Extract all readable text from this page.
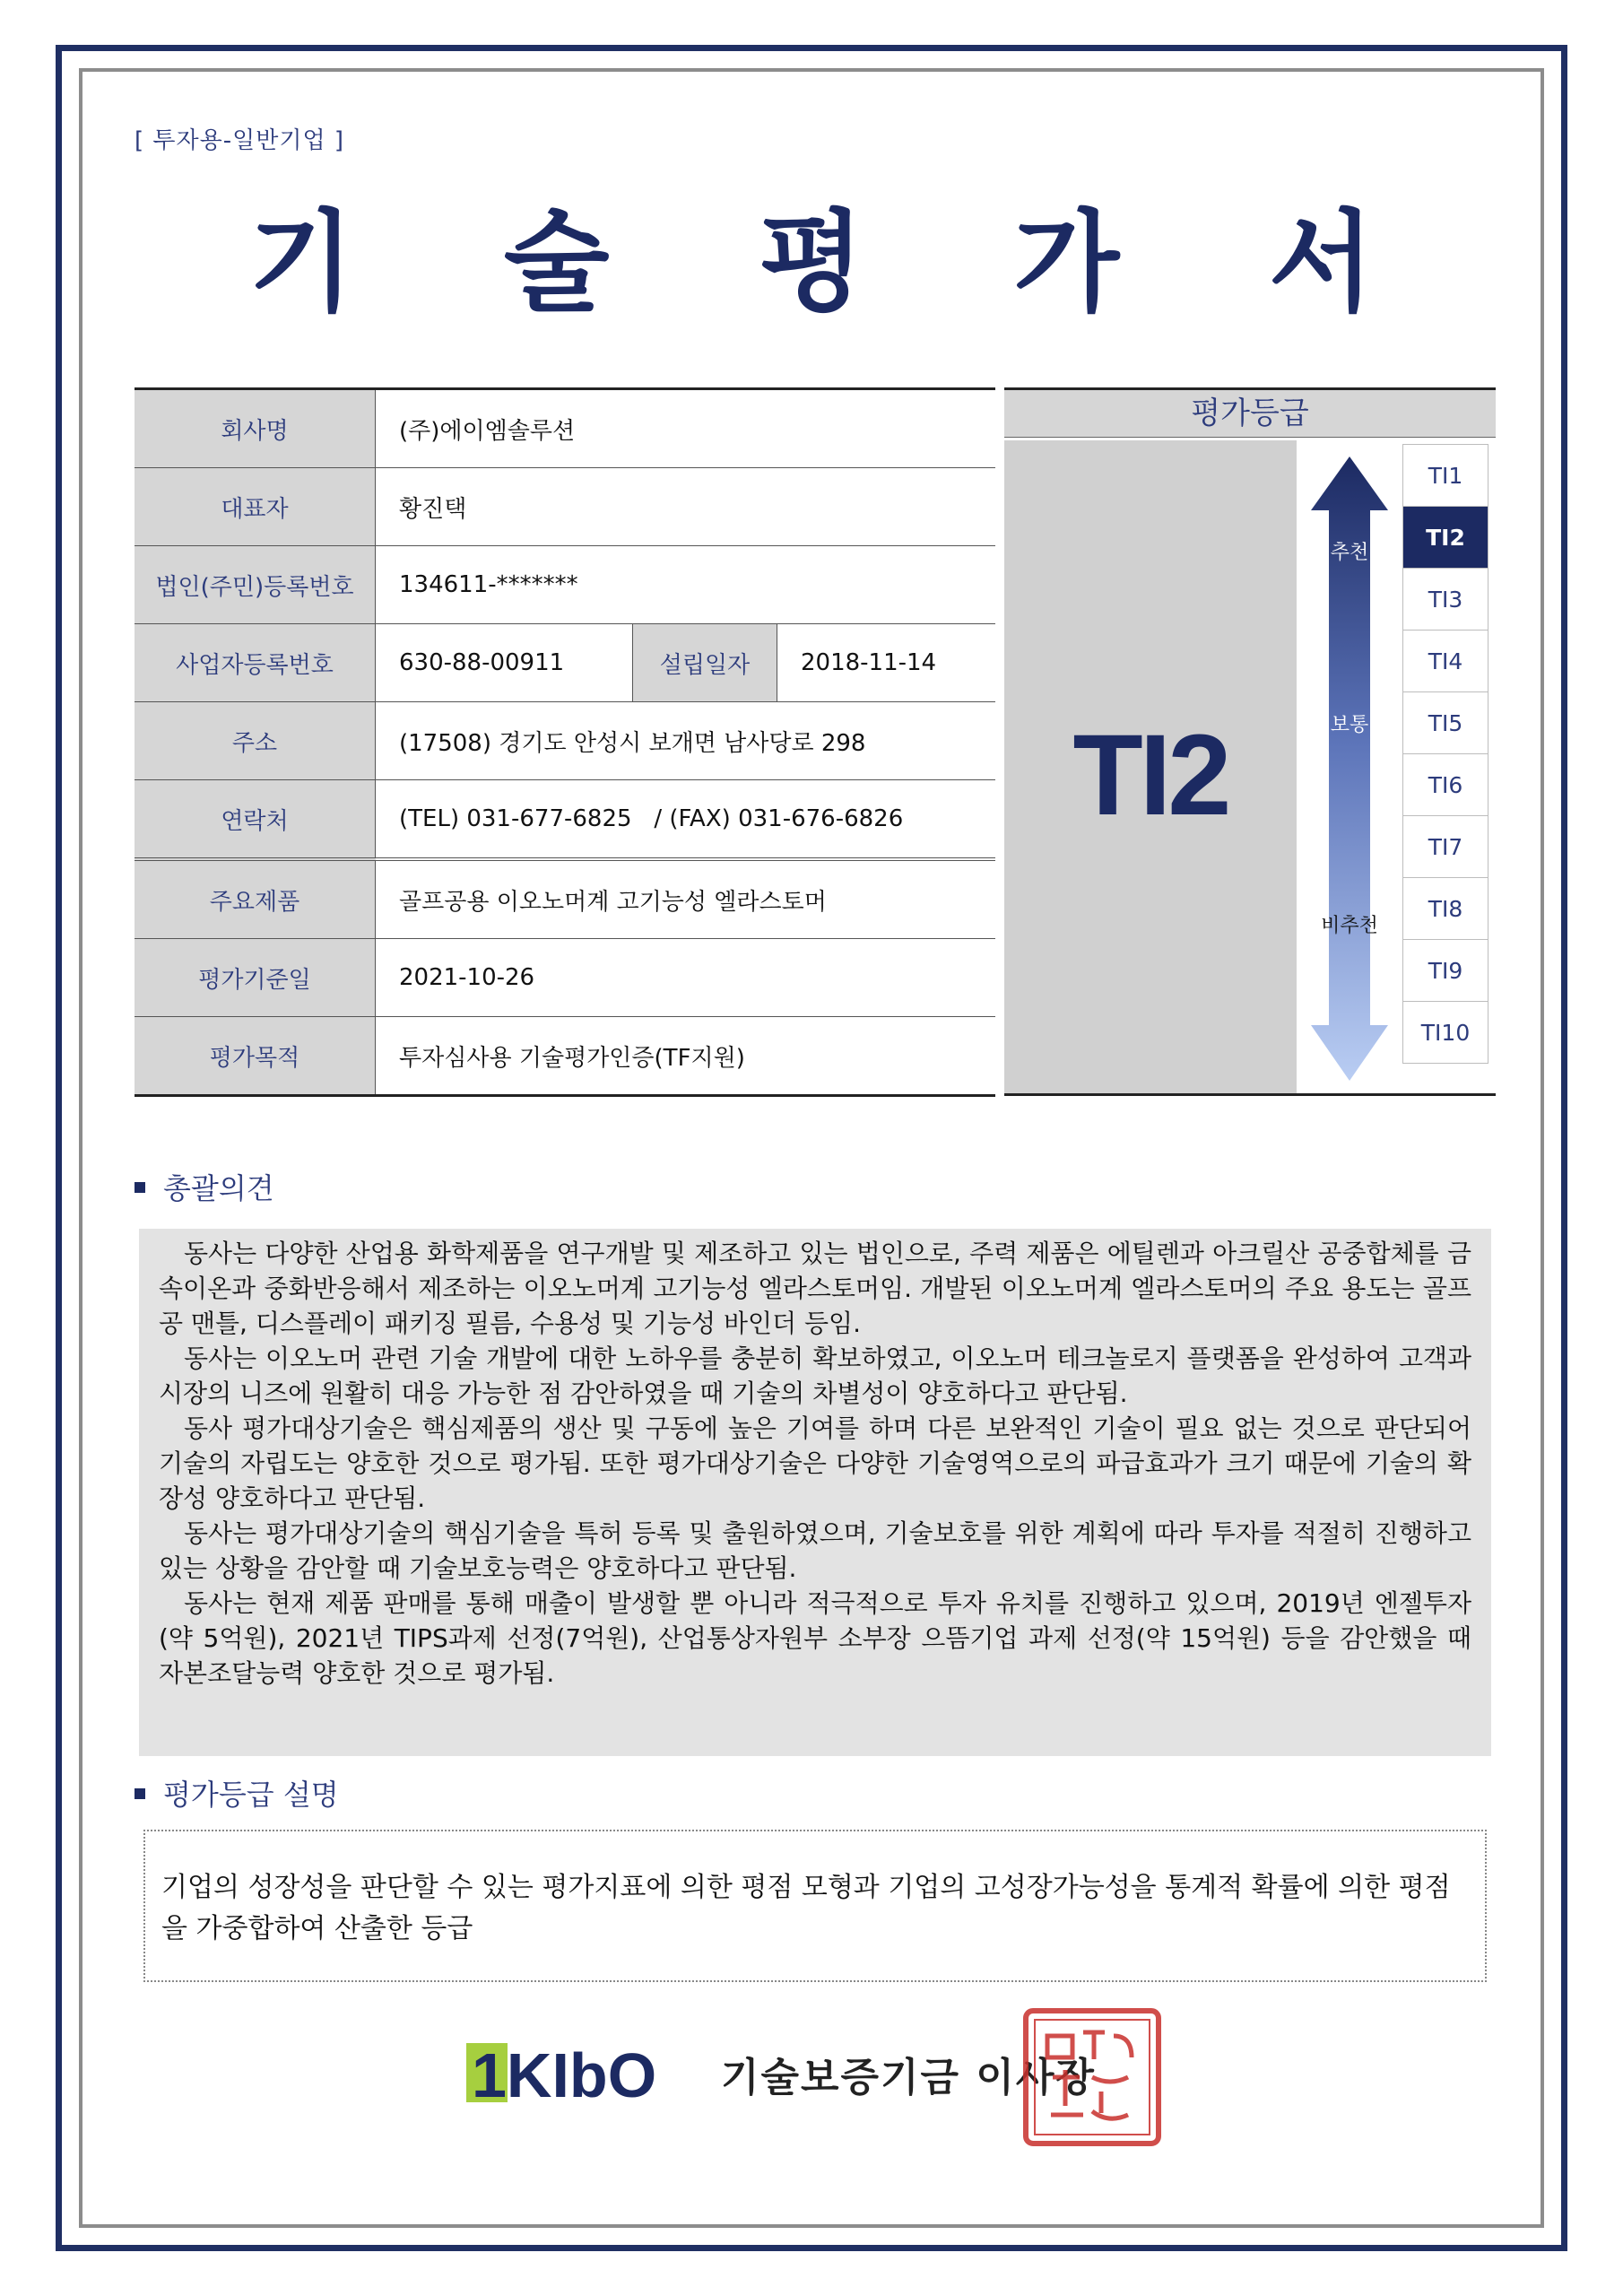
[ 투자용-일반기업 ]
기 술 평 가 서
회사명	(주)에이엠솔루션		
대표자	황진택		
법인(주민)등록번호	134611-*******		
사업자등록번호	630-88-00911	설립일자	2018-11-14
주소	(17508) 경기도 안성시 보개면 남사당로 298		
연락처	(TEL) 031-677-6825   / (FAX) 031-676-6826		
주요제품	골프공용 이오노머계 고기능성 엘라스토머		
평가기준일	2021-10-26		
평가목적	투자심사용 기술평가인증(TF지원)		
평가등급
TI2
추천
보통
비추천
TI1
TI2
TI3
TI4
TI5
TI6
TI7
TI8
TI9
TI10
총괄의견

동사는 다양한 산업용 화학제품을 연구개발 및 제조하고 있는 법인으로, 주력 제품은 에틸렌과 아크릴산 공중합체를 금속이온과 중화반응해서 제조하는 이오노머계 고기능성 엘라스토머임. 개발된 이오노머계 엘라스토머의 주요 용도는 골프공 맨틀, 디스플레이 패키징 필름, 수용성 및 기능성 바인더 등임.

동사는 이오노머 관련 기술 개발에 대한 노하우를 충분히 확보하였고, 이오노머 테크놀로지 플랫폼을 완성하여 고객과 시장의 니즈에 원활히 대응 가능한 점 감안하였을 때 기술의 차별성이 양호하다고 판단됨.

동사 평가대상기술은 핵심제품의 생산 및 구동에 높은 기여를 하며 다른 보완적인 기술이 필요 없는 것으로 판단되어 기술의 자립도는 양호한 것으로 평가됨. 또한 평가대상기술은 다양한 기술영역으로의 파급효과가 크기 때문에 기술의 확장성 양호하다고 판단됨.

동사는 평가대상기술의 핵심기술을 특허 등록 및 출원하였으며, 기술보호를 위한 계획에 따라 투자를 적절히 진행하고 있는 상황을 감안할 때 기술보호능력은 양호하다고 판단됨.

동사는 현재 제품 판매를 통해 매출이 발생할 뿐 아니라 적극적으로 투자 유치를 진행하고 있으며, 2019년 엔젤투자(약 5억원), 2021년 TIPS과제 선정(7억원), 산업통상자원부 소부장 으뜸기업 과제 선정(약 15억원) 등을 감안했을 때 자본조달능력 양호한 것으로 평가됨.

평가등급 설명
기업의 성장성을 판단할 수 있는 평가지표에 의한 평점 모형과 기업의 고성장가능성을 통계적 확률에 의한 평점을 가중합하여 산출한 등급
1KIbO 기술보증기금 이사장
